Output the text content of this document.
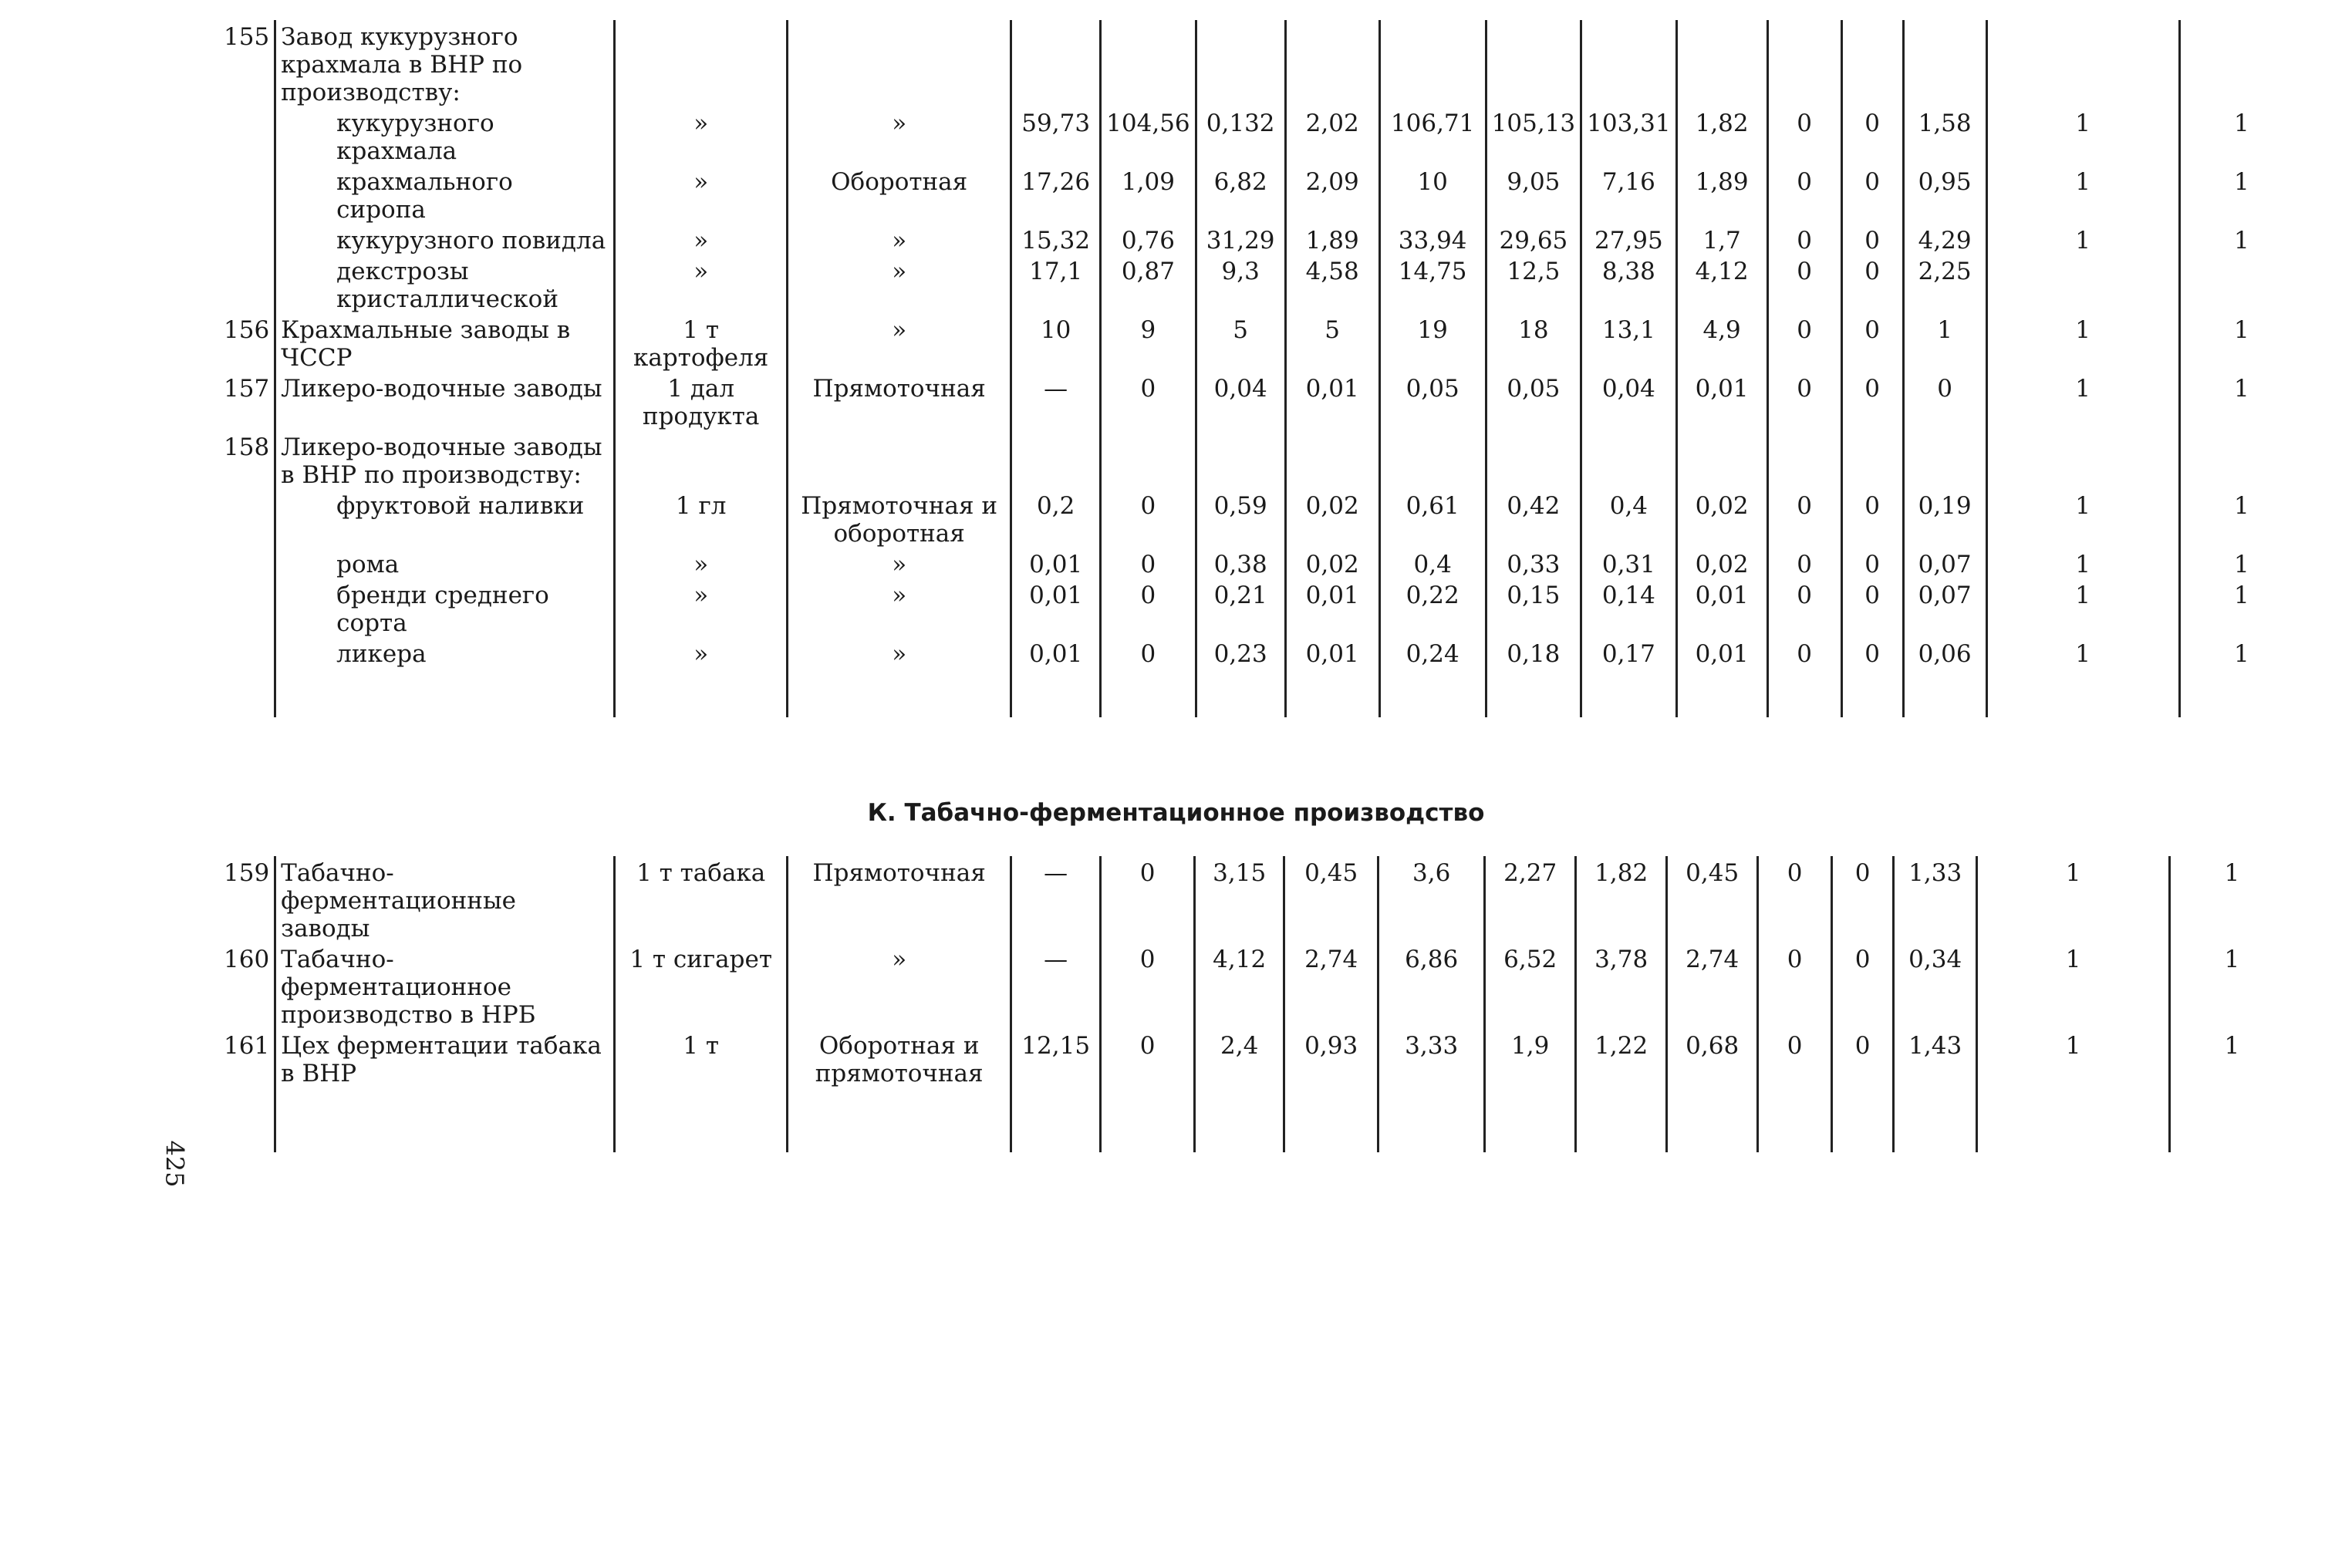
155	Завод кукурузного крахмала в ВНР по производству:															
	кукурузного крахмала	»	»	59,73	104,56	0,132	2,02	106,71	105,13	103,31	1,82	0	0	1,58	1	1
	крахмального сиропа	»	Оборотная	17,26	1,09	6,82	2,09	10	9,05	7,16	1,89	0	0	0,95	1	1
	кукурузного повидла	»	»	15,32	0,76	31,29	1,89	33,94	29,65	27,95	1,7	0	0	4,29	1	1
	декстрозы кристаллической	»	»	17,1	0,87	9,3	4,58	14,75	12,5	8,38	4,12	0	0	2,25		
156	Крахмальные заводы в ЧССР	1 т картофеля	»	10	9	5	5	19	18	13,1	4,9	0	0	1	1	1
157	Ликеро-водочные заводы	1 дал продукта	Прямоточная	—	0	0,04	0,01	0,05	0,05	0,04	0,01	0	0	0	1	1
158	Ликеро-водочные заводы в ВНР по производству:															
	фруктовой наливки	1 гл	Прямоточная и оборотная	0,2	0	0,59	0,02	0,61	0,42	0,4	0,02	0	0	0,19	1	1
	рома	»	»	0,01	0	0,38	0,02	0,4	0,33	0,31	0,02	0	0	0,07	1	1
	бренди среднего сорта	»	»	0,01	0	0,21	0,01	0,22	0,15	0,14	0,01	0	0	0,07	1	1
	ликера	»	»	0,01	0	0,23	0,01	0,24	0,18	0,17	0,01	0	0	0,06	1	1

К. Табачно-ферментационное производство
159	Табачно-ферментационные заводы	1 т табака	Прямоточная	—	0	3,15	0,45	3,6	2,27	1,82	0,45	0	0	1,33	1	1
160	Табачно-ферментационное производство в НРБ	1 т сигарет	»	—	0	4,12	2,74	6,86	6,52	3,78	2,74	0	0	0,34	1	1
161	Цех ферментации табака в ВНР	1 т	Оборотная и прямоточная	12,15	0	2,4	0,93	3,33	1,9	1,22	0,68	0	0	1,43	1	1

425
